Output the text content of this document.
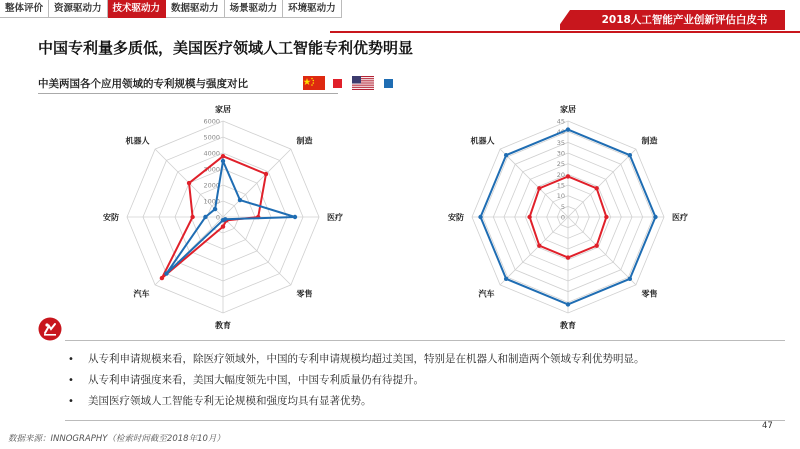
整体评价	资源驱动力	技术驱动力	数据驱动力	场景驱动力	环境驱动力
2018人工智能产业创新评估白皮书
中国专利量多质低，美国医疗领域人工智能专利优势明显
中美两国各个应用领域的专利规模与强度对比
0
1000
2000
3000
4000
5000
6000
家居
制造
医疗
零售
教育
汽车
安防
机器人
0
5
10
15
20
25
30
35
40
45
家居
制造
医疗
零售
教育
汽车
安防
机器人
• 从专利申请规模来看，除医疗领域外，中国的专利申请规模均超过美国，特别是在机器人和制造两个领域专利优势明显。
• 从专利申请强度来看，美国大幅度领先中国，中国专利质量仍有待提升。
• 美国医疗领域人工智能专利无论规模和强度均具有显著优势。
数据来源：INNOGRAPHY（检索时间截至2018年10月）
47
